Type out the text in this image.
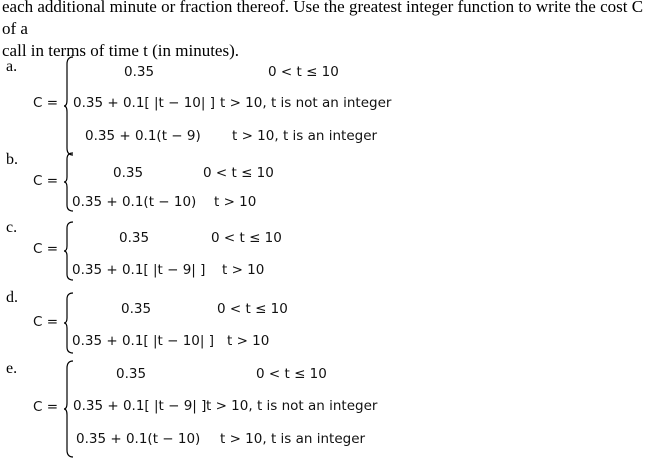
each additional minute or fraction thereof. Use the greatest integer function to write the cost C of a
call in terms of time t (in minutes).
a.
C =
0.35	0 < t ≤ 10
0.35 + 0.1[ |t − 10| ] t > 10, t is not an integer
0.35 + 0.1(t − 9) t > 10, t is an integer
b.
C =	0.35	0 < t ≤ 10
0.35 + 0.1(t − 10) t > 10
c.
C =
0.35	0 < t ≤ 10
0.35 + 0.1[ |t − 9| ] t > 10
d.
C =
0.35	0 < t ≤ 10
0.35 + 0.1[ |t − 10| ] t > 10
e.
C =
0.35	0 < t ≤ 10
0.35 + 0.1[ |t − 9| ] t > 10, t is not an integer
0.35 + 0.1(t − 10) t > 10, t is an integer
